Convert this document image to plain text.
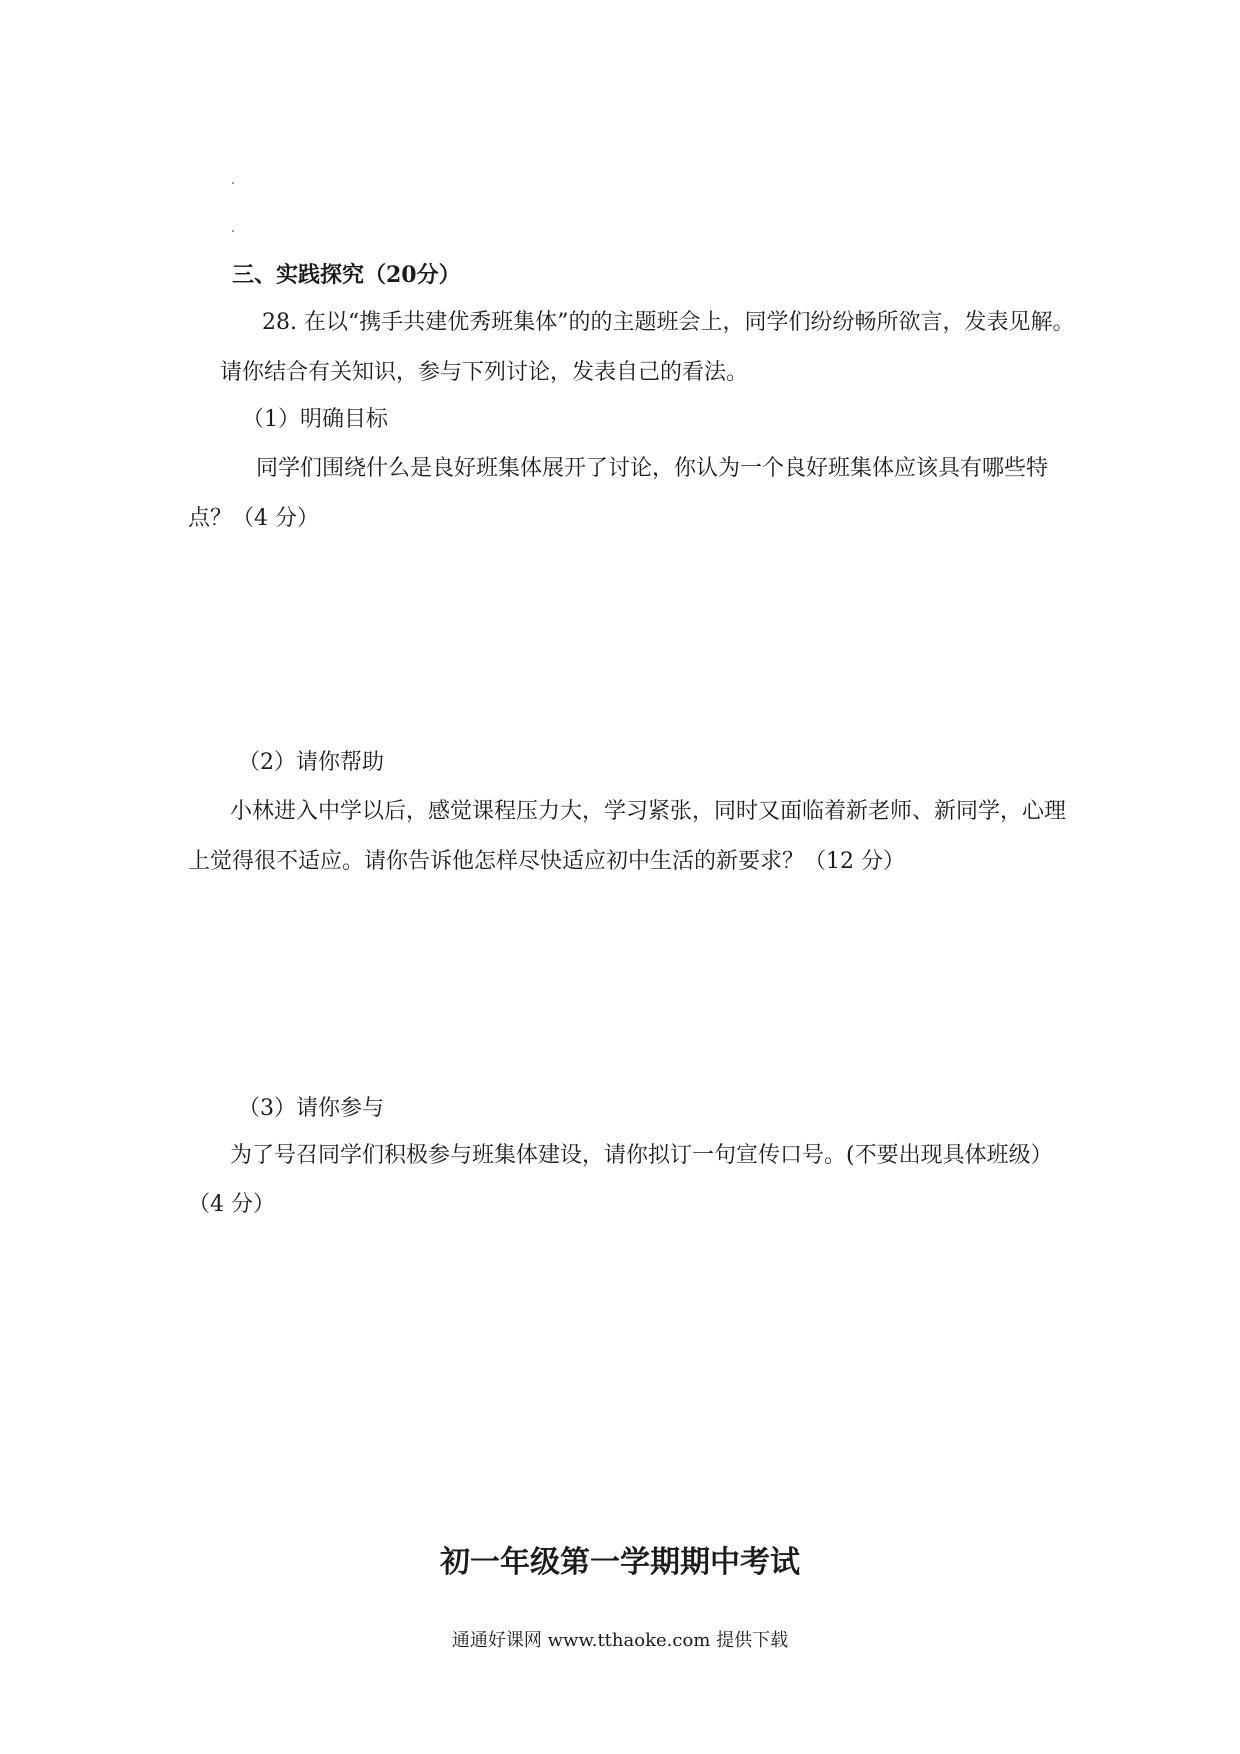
三、实践探究（20分）
28. 在以“携手共建优秀班集体”的的主题班会上，同学们纷纷畅所欲言，发表见解。
请你结合有关知识，参与下列讨论，发表自己的看法。
（1）明确目标
同学们围绕什么是良好班集体展开了讨论，你认为一个良好班集体应该具有哪些特
点？（4 分）
（2）请你帮助
小林进入中学以后，感觉课程压力大，学习紧张，同时又面临着新老师、新同学，心理
上觉得很不适应。请你告诉他怎样尽快适应初中生活的新要求？（12 分）
（3）请你参与
为了号召同学们积极参与班集体建设，请你拟订一句宣传口号。(不要出现具体班级）
（4 分）
初一年级第一学期期中考试
通通好课网 www.tthaoke.com 提供下载
